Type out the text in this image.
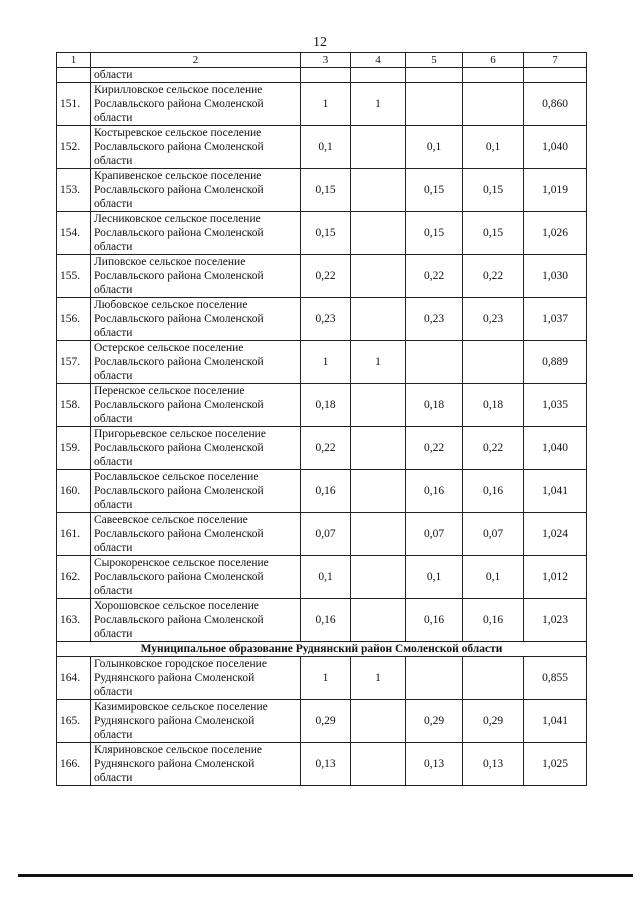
12
1	2	3	4	5	6	7
	области					
151.	Кирилловское сельское поселение
Рославльского района Смоленской
области	1	1			0,860
152.	Костыревское сельское поселение
Рославльского района Смоленской
области	0,1		0,1	0,1	1,040
153.	Крапивенское сельское поселение
Рославльского района Смоленской
области	0,15		0,15	0,15	1,019
154.	Лесниковское сельское поселение
Рославльского района Смоленской
области	0,15		0,15	0,15	1,026
155.	Липовское сельское поселение
Рославльского района Смоленской
области	0,22		0,22	0,22	1,030
156.	Любовское сельское поселение
Рославльского района Смоленской
области	0,23		0,23	0,23	1,037
157.	Остерское сельское поселение
Рославльского района Смоленской
области	1	1			0,889
158.	Перенское сельское поселение
Рославльского района Смоленской
области	0,18		0,18	0,18	1,035
159.	Пригорьевское сельское поселение
Рославльского района Смоленской
области	0,22		0,22	0,22	1,040
160.	Рославльское сельское поселение
Рославльского района Смоленской
области	0,16		0,16	0,16	1,041
161.	Савеевское сельское поселение
Рославльского района Смоленской
области	0,07		0,07	0,07	1,024
162.	Сырокоренское сельское поселение
Рославльского района Смоленской
области	0,1		0,1	0,1	1,012
163.	Хорошовское сельское поселение
Рославльского района Смоленской
области	0,16		0,16	0,16	1,023
Муниципальное образование Руднянский район Смоленской области						
164.	Голынковское городское поселение
Руднянского района Смоленской
области	1	1			0,855
165.	Казимировское сельское поселение
Руднянского района Смоленской
области	0,29		0,29	0,29	1,041
166.	Кляриновское сельское поселение
Руднянского района Смоленской
области	0,13		0,13	0,13	1,025
